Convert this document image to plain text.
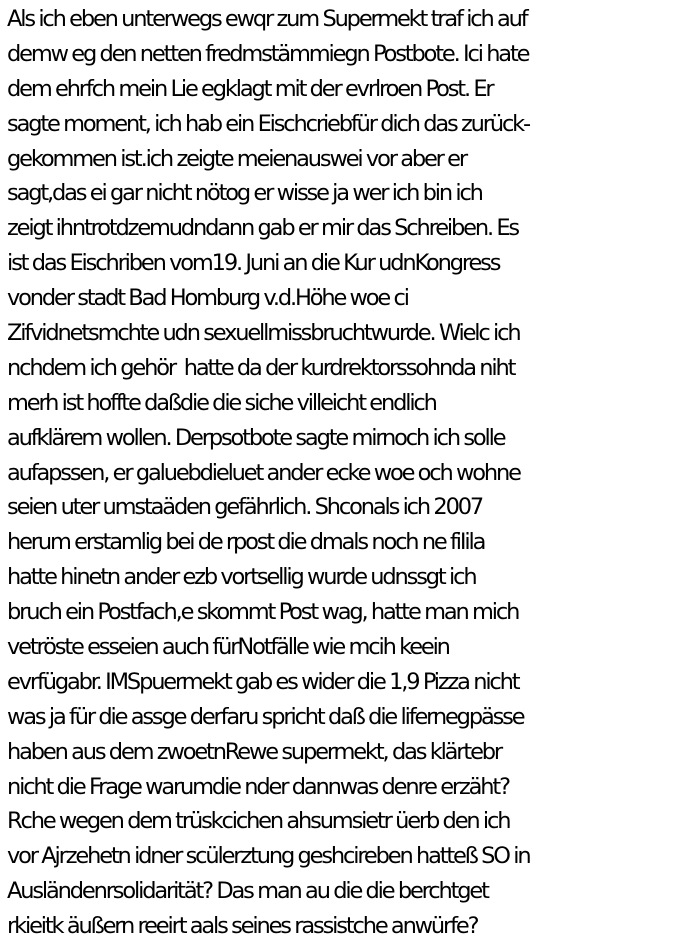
Als ich eben unterwegs ewqr zum Supermekt traf ich auf
demw eg den netten fredmstämmiegn Postbote. Ici hate
dem ehrfch mein Lie egklagt mit der evrlroen Post. Er
sagte moment, ich hab ein Eischcriebfür dich das zurück-
gekommen ist.ich zeigte meienauswei vor aber er
sagt,das ei gar nicht nötog er wisse ja wer ich bin ich
zeigt ihntrotdzemudndann gab er mir das Schreiben. Es
ist das Eischriben vom19. Juni an die Kur udnKongress
vonder stadt Bad Homburg v.d.Höhe woe ci
Zifvidnetsmchte udn sexuellmissbruchtwurde. Wielc ich
nchdem ich gehör  hatte da der kurdrektorssohnda niht
merh ist hoffte daßdie die siche villeicht endlich
aufklärem wollen. Derpsotbote sagte mirnoch ich solle
aufapssen, er galuebdieluet ander ecke woe och wohne
seien uter umstaäden gefährlich. Shconals ich 2007
herum erstamlig bei de rpost die dmals noch ne fiIila
hatte hinetn ander ezb vortsellig wurde udnssgt ich
bruch ein Postfach,e skommt Post wag, hatte man mich
vetröste esseien auch fürNotfälle wie mcih keein
evrfügabr. IMSpuermekt gab es wider die 1,9 Pizza nicht
was ja für die assge derfaru spricht daß die lifernegpässe
haben aus dem zwoetnRewe supermekt, das klärtebr
nicht die Frage warumdie nder dannwas denre erzäht?
Rche wegen dem trüskcichen ahsumsietr üerb den ich
vor Ajrzehetn idner scülerztung geshcireben hatteß SO in
Ausländenrsolidarität? Das man au die die berchtget
rkieitk äußern reeirt aals seines rassistche anwürfe?
